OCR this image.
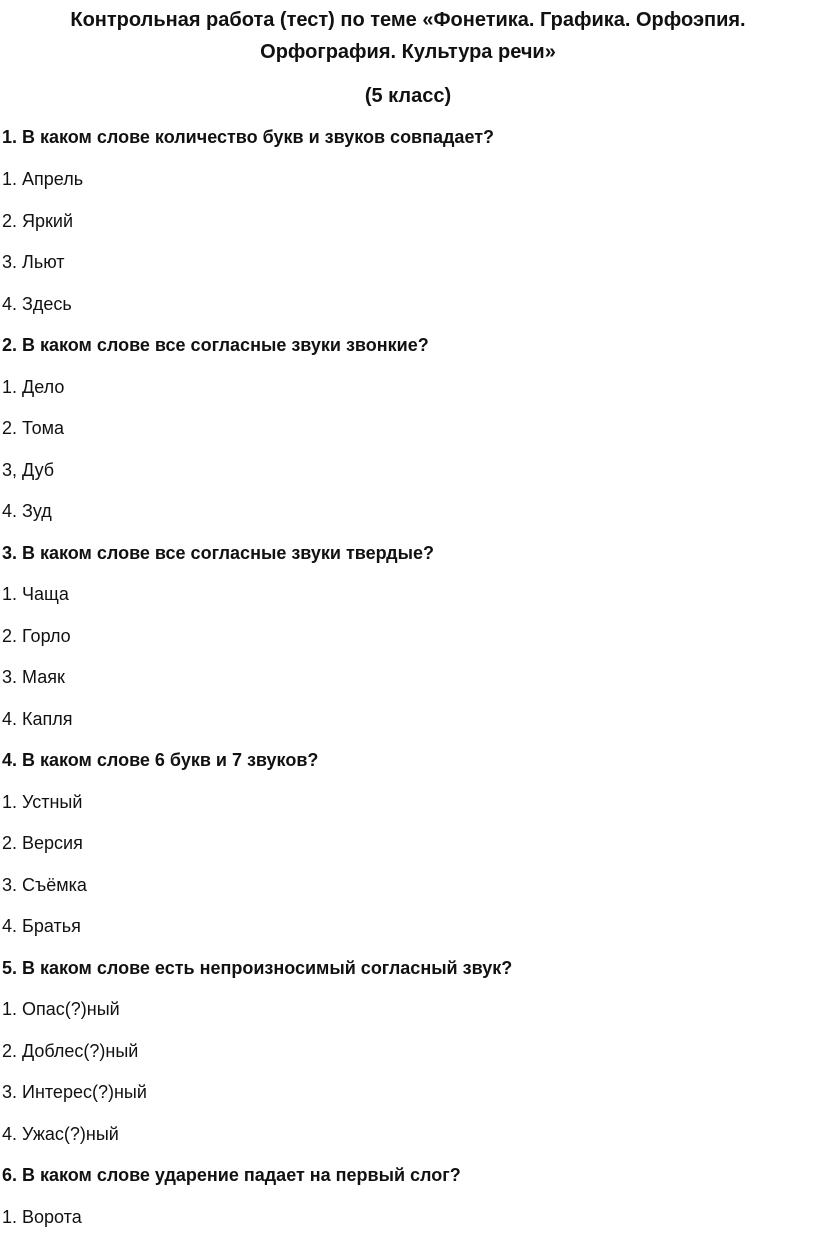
Контрольная работа (тест) по теме «Фонетика. Графика. Орфоэпия.
Орфография. Культура речи»
(5 класс)

1. В каком слове количество букв и звуков совпадает?

1. Апрель

2. Яркий

3. Льют

4. Здесь

2. В каком слове все согласные звуки звонкие?

1. Дело

2. Тома

3, Дуб

4. Зуд

3. В каком слове все согласные звуки твердые?

1. Чаща

2. Горло

3. Маяк

4. Капля

4. В каком слове 6 букв и 7 звуков?

1. Устный

2. Версия

3. Съёмка

4. Братья

5. В каком слове есть непроизносимый согласный звук?

1. Опас(?)ный

2. Доблес(?)ный

3. Интерес(?)ный

4. Ужас(?)ный

6. В каком слове ударение падает на первый слог?

1. Ворота
